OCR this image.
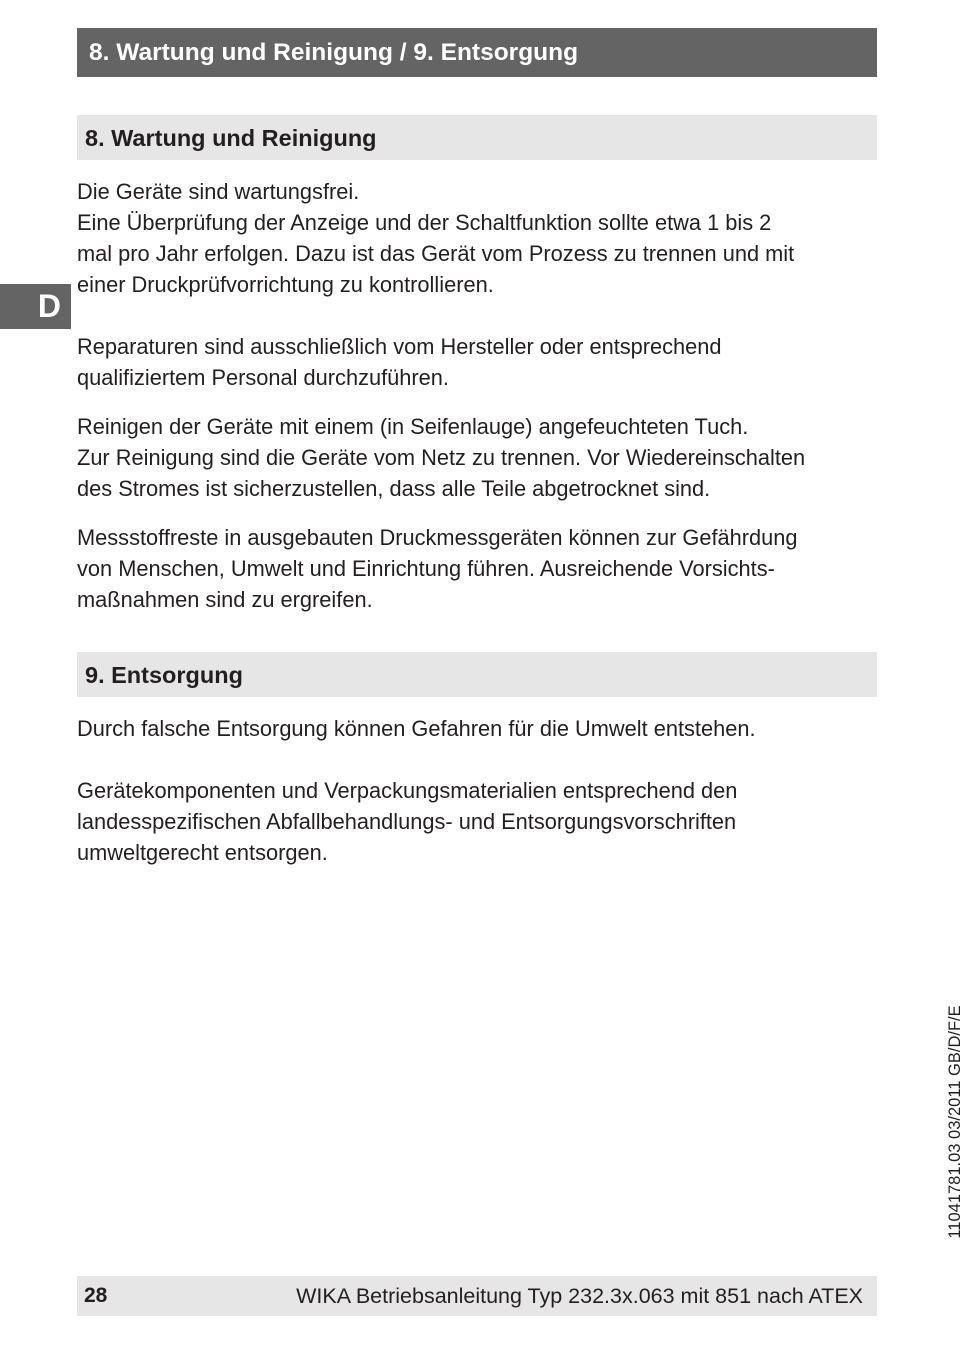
8. Wartung und Reinigung / 9. Entsorgung
D
8. Wartung und Reinigung

Die Geräte sind wartungsfrei.
Eine Überprüfung der Anzeige und der Schaltfunktion sollte etwa 1 bis 2
mal pro Jahr erfolgen. Dazu ist das Gerät vom Prozess zu trennen und mit
einer Druckprüfvorrichtung zu kontrollieren.

Reparaturen sind ausschließlich vom Hersteller oder entsprechend
qualifiziertem Personal durchzuführen.

Reinigen der Geräte mit einem (in Seifenlauge) angefeuchteten Tuch.
Zur Reinigung sind die Geräte vom Netz zu trennen. Vor Wiedereinschalten
des Stromes ist sicherzustellen, dass alle Teile abgetrocknet sind.

Messstoffreste in ausgebauten Druckmessgeräten können zur Gefährdung
von Menschen, Umwelt und Einrichtung führen. Ausreichende Vorsichts-
maßnahmen sind zu ergreifen.

9. Entsorgung

Durch falsche Entsorgung können Gefahren für die Umwelt entstehen.

Gerätekomponenten und Verpackungsmaterialien entsprechend den
landesspezifischen Abfallbehandlungs- und Entsorgungsvorschriften
umweltgerecht entsorgen.

11041781.03 03/2011 GB/D/F/E
28	WIKA Betriebsanleitung Typ 232.3x.063 mit 851 nach ATEX
